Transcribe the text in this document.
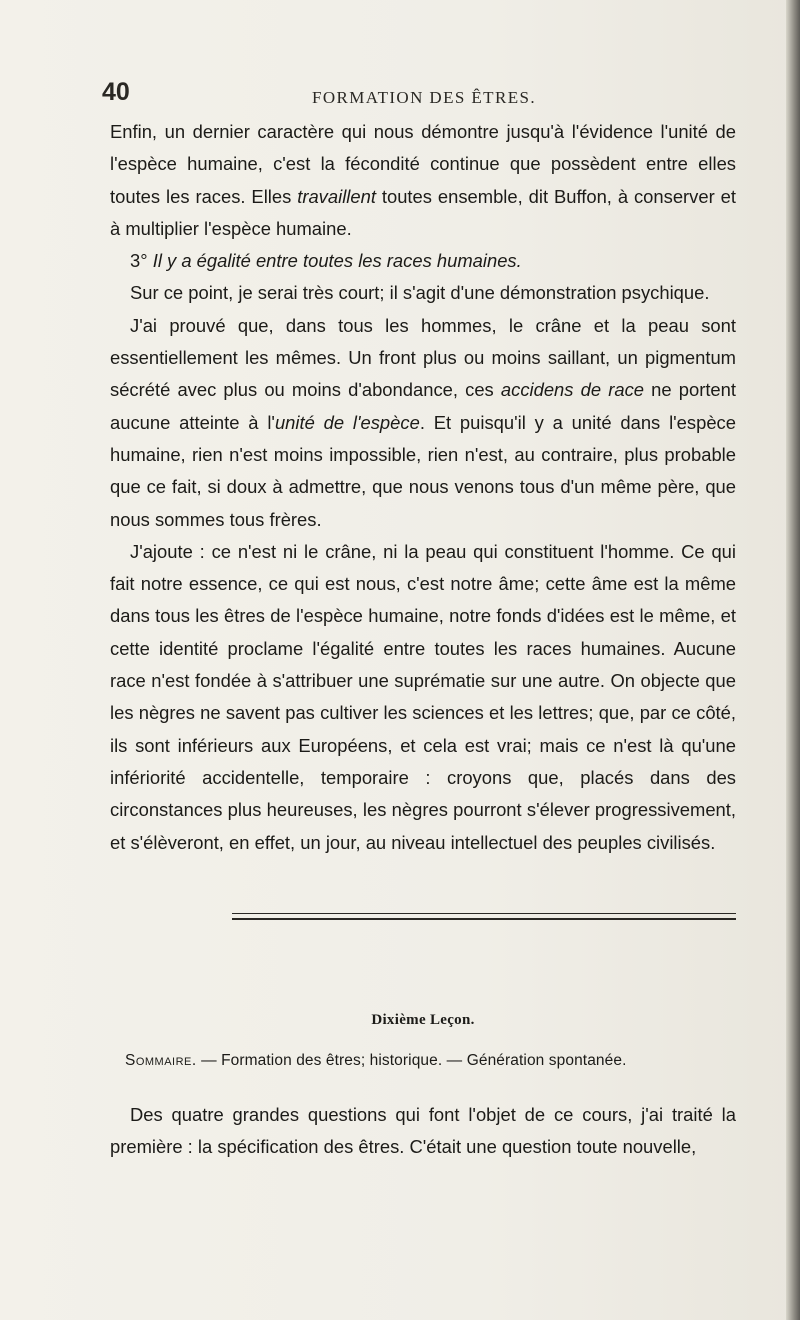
40	FORMATION DES ÊTRES.

Enfin, un dernier caractère qui nous démontre jusqu'à l'évidence l'unité de l'espèce humaine, c'est la fécondité continue que possèdent entre elles toutes les races. Elles travaillent toutes ensemble, dit Buffon, à conserver et à multiplier l'espèce humaine.

3° Il y a égalité entre toutes les races humaines.

Sur ce point, je serai très court; il s'agit d'une démonstration psychique.

J'ai prouvé que, dans tous les hommes, le crâne et la peau sont essentiellement les mêmes. Un front plus ou moins saillant, un pigmentum sécrété avec plus ou moins d'abondance, ces accidens de race ne portent aucune atteinte à l'unité de l'espèce. Et puisqu'il y a unité dans l'espèce humaine, rien n'est moins impossible, rien n'est, au contraire, plus probable que ce fait, si doux à admettre, que nous venons tous d'un même père, que nous sommes tous frères.

J'ajoute : ce n'est ni le crâne, ni la peau qui constituent l'homme. Ce qui fait notre essence, ce qui est nous, c'est notre âme; cette âme est la même dans tous les êtres de l'espèce humaine, notre fonds d'idées est le même, et cette identité proclame l'égalité entre toutes les races humaines. Aucune race n'est fondée à s'attribuer une suprématie sur une autre. On objecte que les nègres ne savent pas cultiver les sciences et les lettres; que, par ce côté, ils sont inférieurs aux Européens, et cela est vrai; mais ce n'est là qu'une infériorité accidentelle, temporaire : croyons que, placés dans des circonstances plus heureuses, les nègres pourront s'élever progressivement, et s'élèveront, en effet, un jour, au niveau intellectuel des peuples civilisés.

Dixième Leçon.
Sommaire. — Formation des êtres; historique. — Génération spontanée.

Des quatre grandes questions qui font l'objet de ce cours, j'ai traité la première : la spécification des êtres. C'était une question toute nouvelle,
